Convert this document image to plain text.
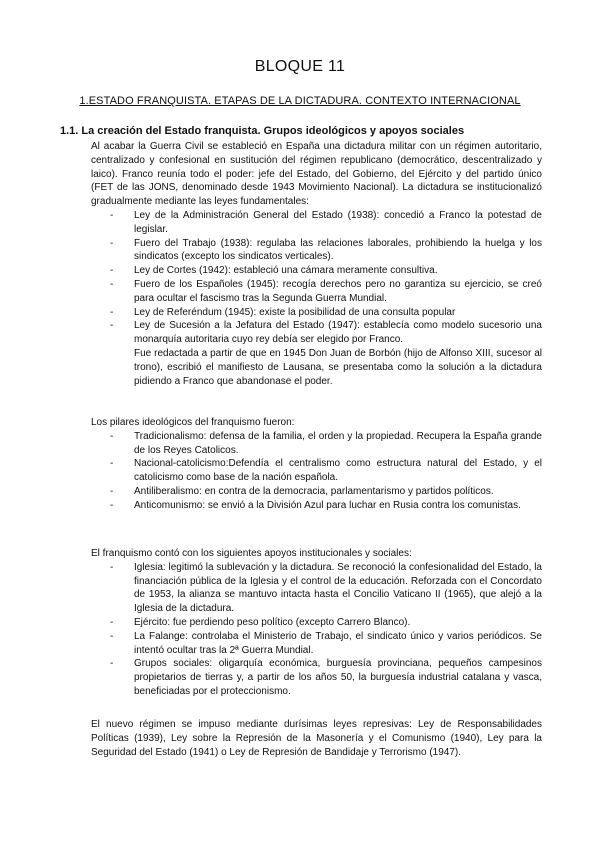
BLOQUE 11
1.ESTADO FRANQUISTA. ETAPAS DE LA DICTADURA. CONTEXTO INTERNACIONAL
1.1. La creación del Estado franquista. Grupos ideológicos y apoyos sociales

Al acabar la Guerra Civil se estableció en España una dictadura militar con un régimen autoritario, centralizado y confesional en sustitución del régimen republicano (democrático, descentralizado y laico). Franco reunía todo el poder: jefe del Estado, del Gobierno, del Ejército y del partido único (FET de las JONS, denominado desde 1943 Movimiento Nacional). La dictadura se institucionalizó gradualmente mediante las leyes fundamentales:

- Ley de la Administración General del Estado (1938): concedió a Franco la potestad de legislar.
- Fuero del Trabajo (1938): regulaba las relaciones laborales, prohibiendo la huelga y los sindicatos (excepto los sindicatos verticales).
- Ley de Cortes (1942): estableció una cámara meramente consultiva.
- Fuero de los Españoles (1945): recogía derechos pero no garantiza su ejercicio, se creó para ocultar el fascismo tras la Segunda Guerra Mundial.
- Ley de Referéndum (1945): existe la posibilidad de una consulta popular
- Ley de Sucesión a la Jefatura del Estado (1947): establecía como modelo sucesorio una monarquía autoritaria cuyo rey debía ser elegido por Franco.

Fue redactada a partir de que en 1945 Don Juan de Borbón (hijo de Alfonso XIII, sucesor al trono), escribió el manifiesto de Lausana, se presentaba como la solución a la dictadura pidiendo a Franco que abandonase el poder.

Los pilares ideológicos del franquismo fueron:

- Tradicionalismo: defensa de la familia, el orden y la propiedad. Recupera la España grande de los Reyes Catolicos.
- Nacional-catolicismo:Defendía el centralismo como estructura natural del Estado, y el catolicismo como base de la nación española.
- Antiliberalismo: en contra de la democracia, parlamentarismo y partidos políticos.
- Anticomunismo: se envió a la División Azul para luchar en Rusia contra los comunistas.

El franquismo contó con los siguientes apoyos institucionales y sociales:

- Iglesia: legitimó la sublevación y la dictadura. Se reconoció la confesionalidad del Estado, la financiación pública de la Iglesia y el control de la educación. Reforzada con el Concordato de 1953, la alianza se mantuvo intacta hasta el Concilio Vaticano II (1965), que alejó a la Iglesia de la dictadura.
- Ejército: fue perdiendo peso político (excepto Carrero Blanco).
- La Falange: controlaba el Ministerio de Trabajo, el sindicato único y varios periódicos. Se intentó ocultar tras la 2ª Guerra Mundial.
- Grupos sociales: oligarquía económica, burguesía provinciana, pequeños campesinos propietarios de tierras y, a partir de los años 50, la burguesía industrial catalana y vasca, beneficiadas por el proteccionismo.

El nuevo régimen se impuso mediante durísimas leyes represivas: Ley de Responsabilidades Políticas (1939), Ley sobre la Represión de la Masonería y el Comunismo (1940), Ley para la Seguridad del Estado (1941) o Ley de Represión de Bandidaje y Terrorismo (1947).
